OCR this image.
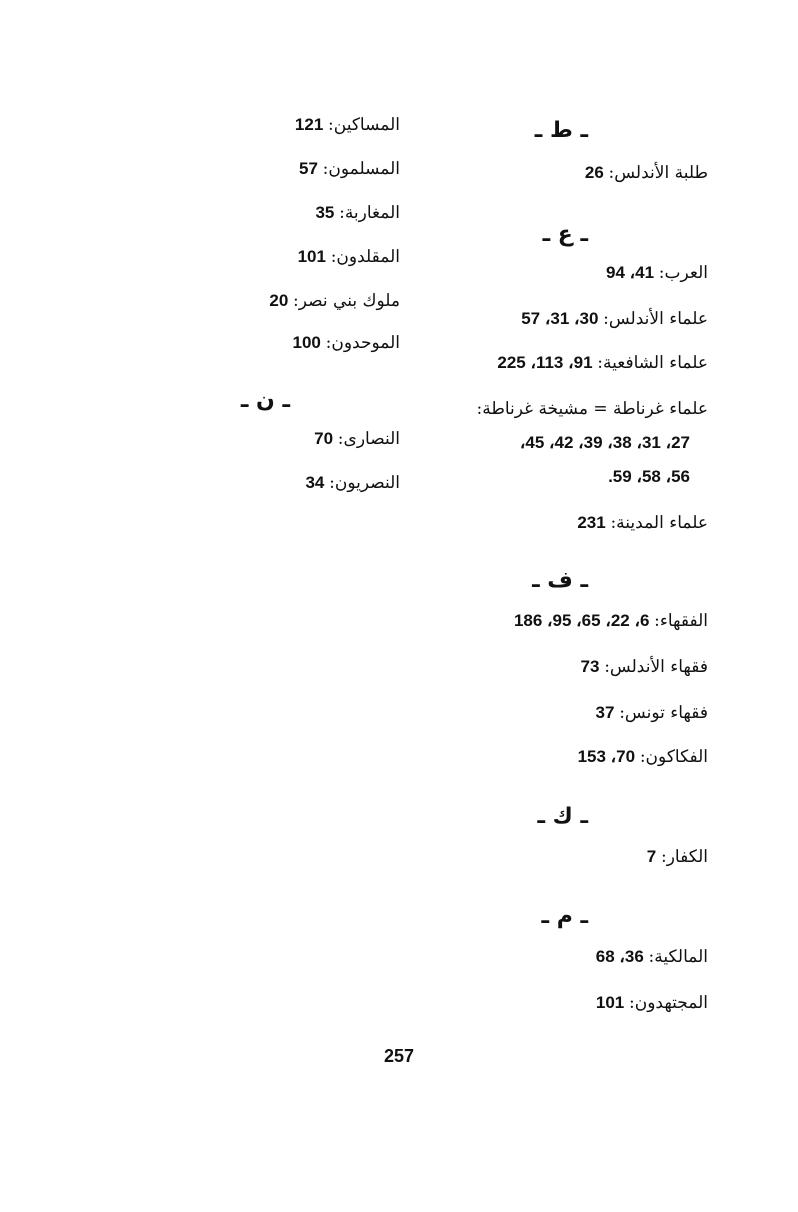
ـ ط ـ
طلبة الأندلس:26
ـ ع ـ
العرب:41، 94
علماء الأندلس:30، 31، 57
علماء الشافعية:91، 113، 225
علماء غرناطة = مشيخة غرناطة:
27، 31، 38، 39، 42، 45،
56، 58، 59.
علماء المدينة:231
ـ ف ـ
الفقهاء:6، 22، 65، 95، 186
فقهاء الأندلس:73
فقهاء تونس:37
الفكاكون:70، 153
ـ ك ـ
الكفار:7
ـ م ـ
المالكية:36، 68
المجتهدون:101
المساكين:121
المسلمون:57
المغاربة:35
المقلدون:101
ملوك بني نصر:20
الموحدون:100
ـ ن ـ
النصارى:70
النصريون:34
257
